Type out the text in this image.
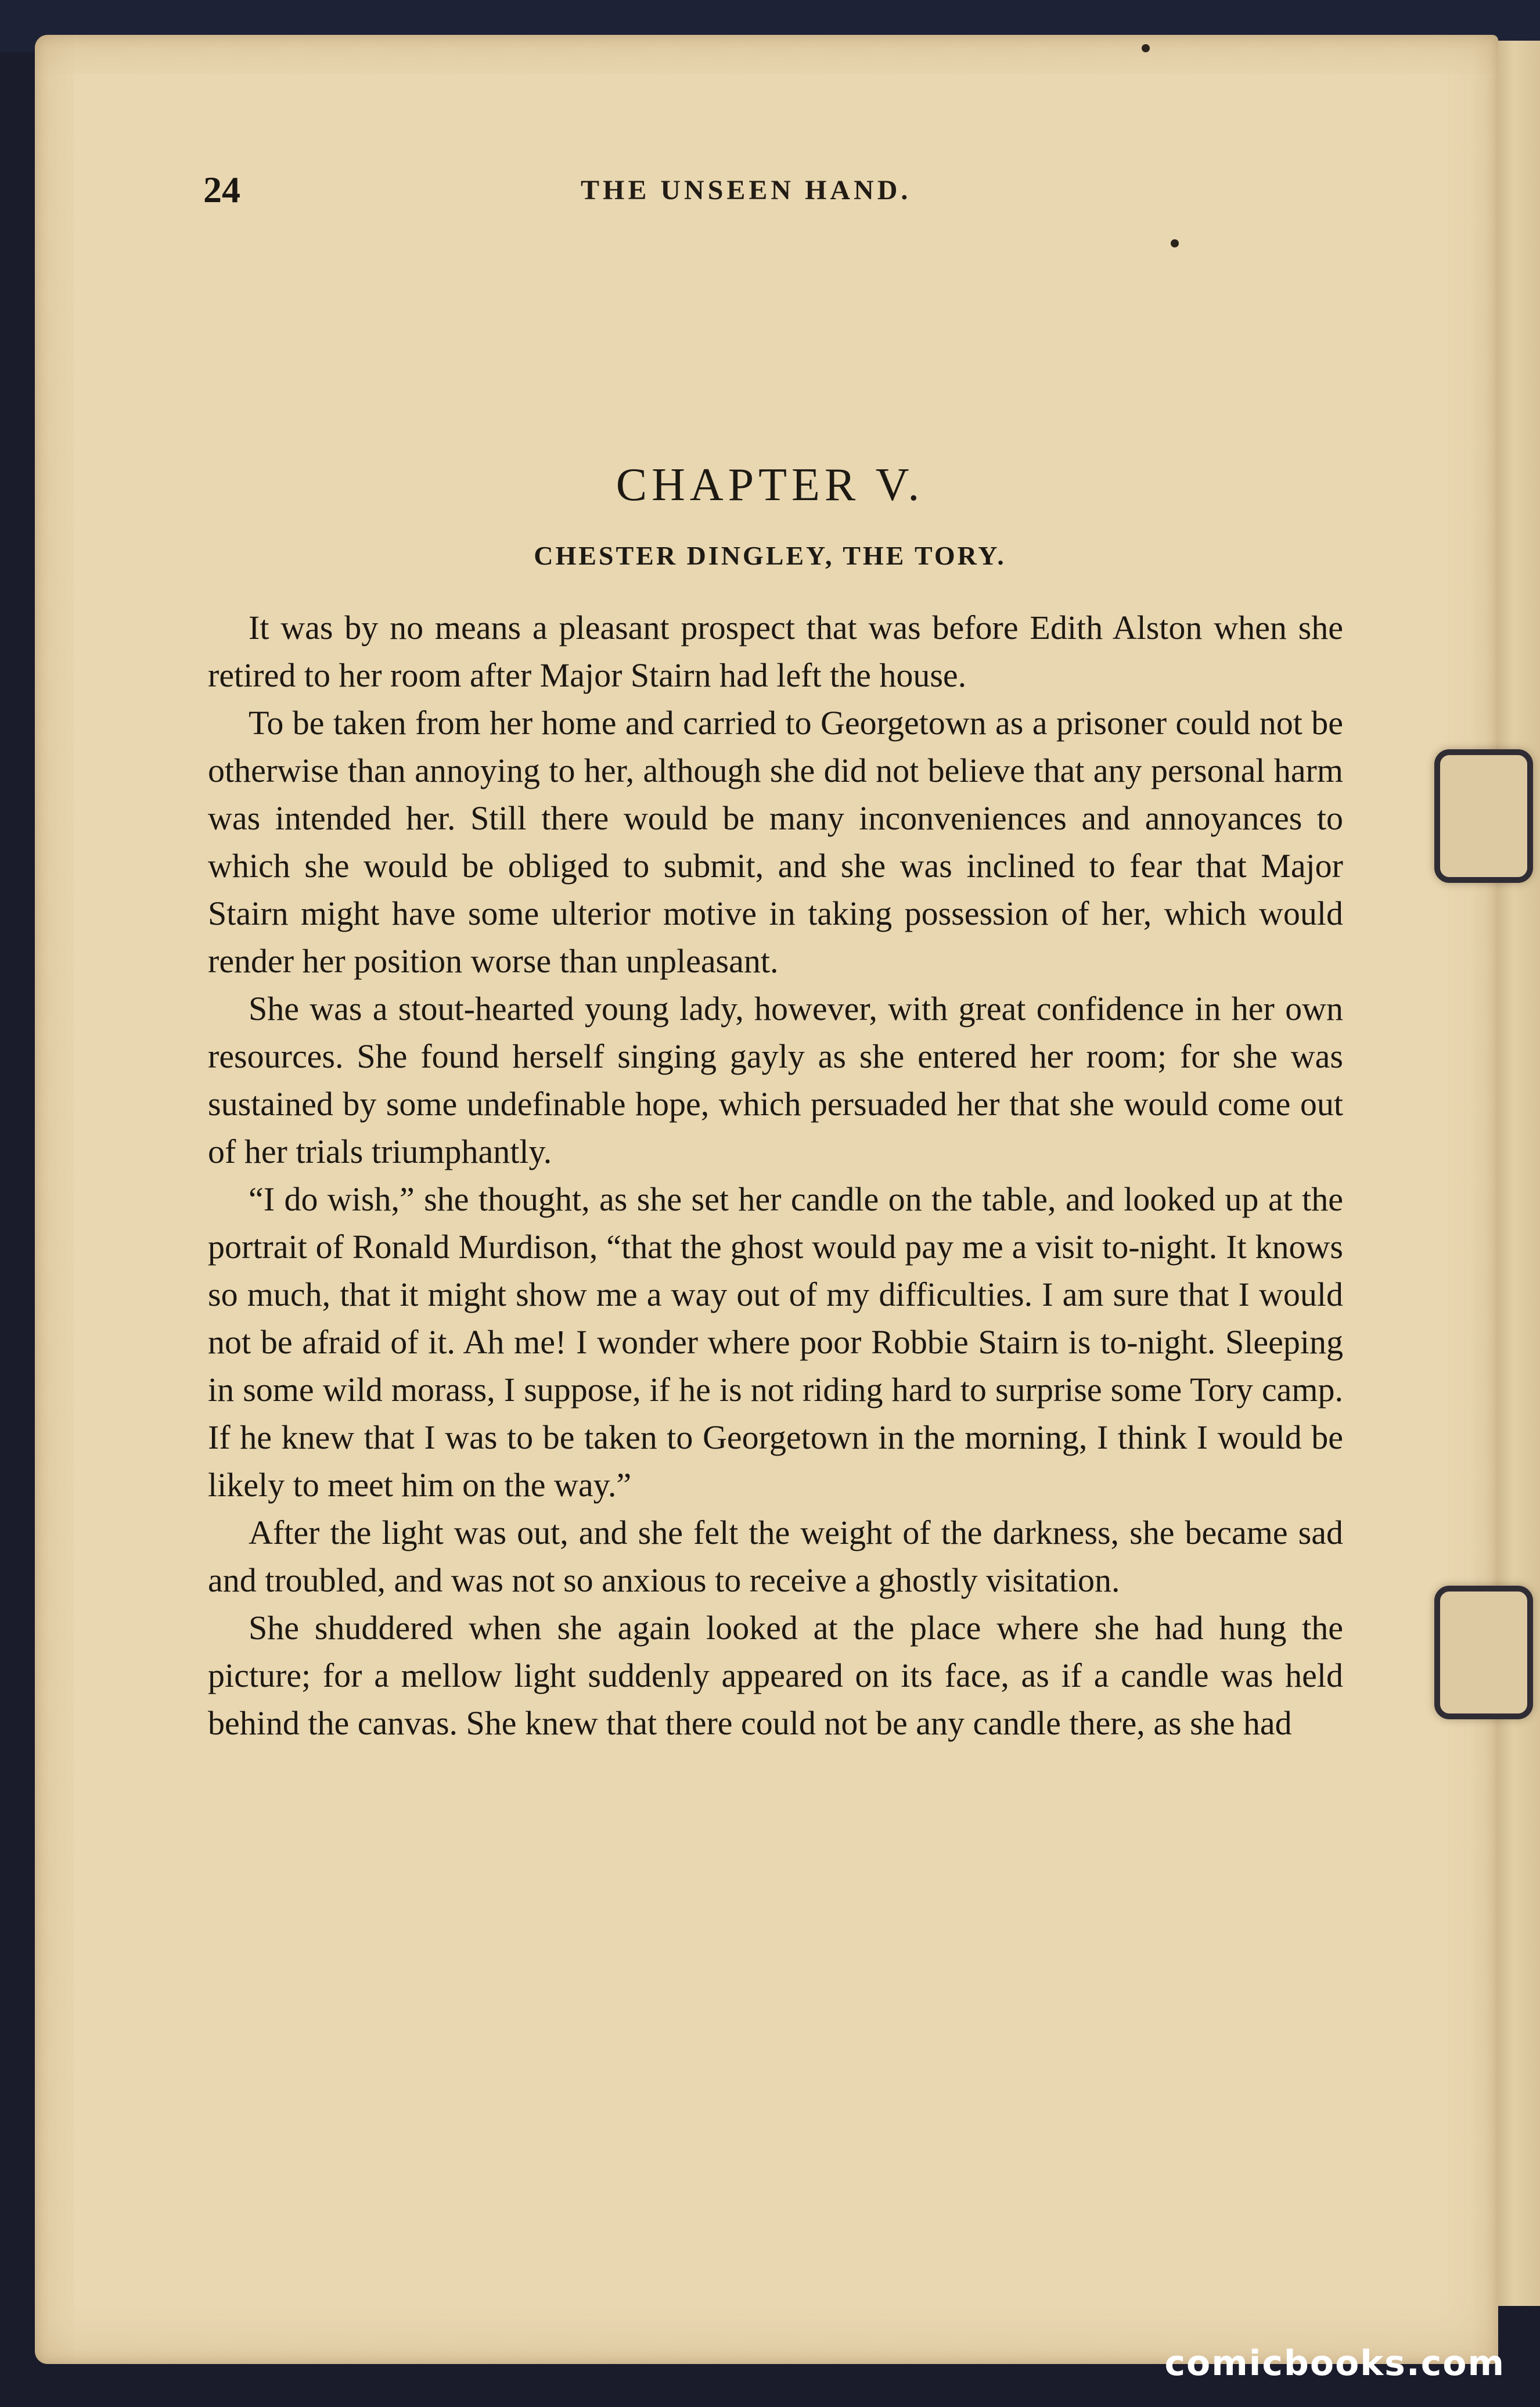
24	THE UNSEEN HAND.
CHAPTER V.
CHESTER DINGLEY, THE TORY.

It was by no means a pleasant prospect that was before Edith Alston when she retired to her room after Major Stairn had left the house.

To be taken from her home and carried to Georgetown as a prisoner could not be otherwise than annoying to her, although she did not believe that any personal harm was intended her. Still there would be many inconveniences and annoyances to which she would be obliged to submit, and she was inclined to fear that Major Stairn might have some ulterior motive in taking possession of her, which would render her position worse than unpleasant.

She was a stout-hearted young lady, however, with great confidence in her own resources. She found herself singing gayly as she entered her room; for she was sustained by some undefinable hope, which persuaded her that she would come out of her trials triumphantly.

“I do wish,” she thought, as she set her candle on the table, and looked up at the portrait of Ronald Murdison, “that the ghost would pay me a visit to-night. It knows so much, that it might show me a way out of my difficulties. I am sure that I would not be afraid of it. Ah me! I wonder where poor Robbie Stairn is to-night. Sleeping in some wild morass, I suppose, if he is not riding hard to surprise some Tory camp. If he knew that I was to be taken to Georgetown in the morning, I think I would be likely to meet him on the way.”

After the light was out, and she felt the weight of the darkness, she became sad and troubled, and was not so anxious to receive a ghostly visitation.

She shuddered when she again looked at the place where she had hung the picture; for a mellow light suddenly appeared on its face, as if a candle was held behind the canvas. She knew that there could not be any candle there, as she had

comicbooks.com
